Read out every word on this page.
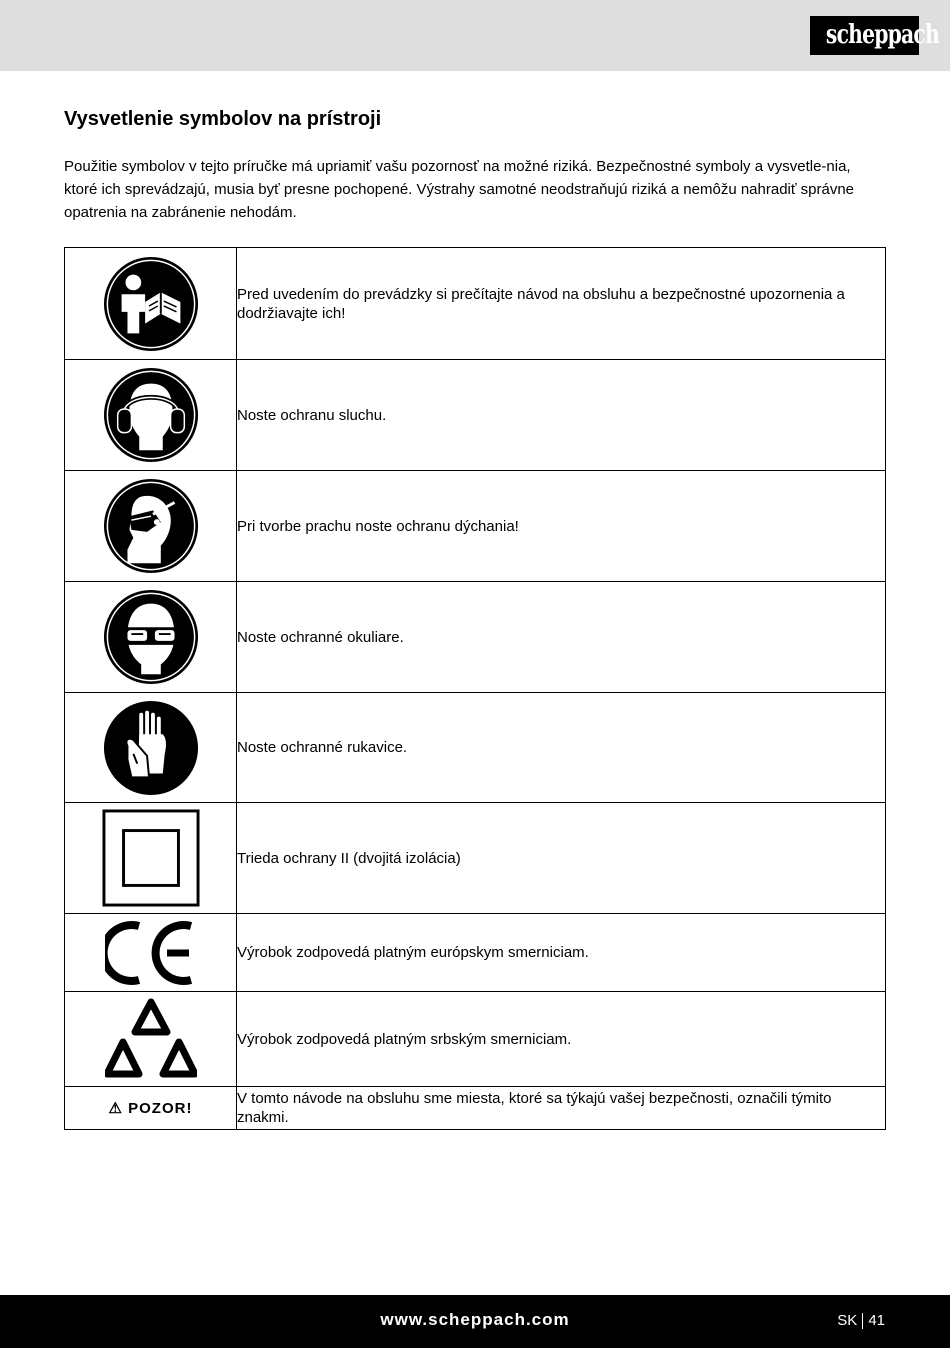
scheppach
Vysvetlenie symbolov na prístroji

Použitie symbolov v tejto príručke má upriamiť vašu pozornosť na možné riziká. Bezpečnostné symboly a vysvetle-nia, ktoré ich sprevádzajú, musia byť presne pochopené. Výstrahy samotné neodstraňujú riziká a nemôžu nahradiť správne opatrenia na zabránenie nehodám.

	Pred uvedením do prevádzky si prečítajte návod na obsluhu a bezpečnostné upozornenia a dodržiavajte ich!

	Noste ochranu sluchu.

	Pri tvorbe prachu noste ochranu dýchania!

	Noste ochranné okuliare.

	Noste ochranné rukavice.

	Trieda ochrany II (dvojitá izolácia)

	Výrobok zodpovedá platným európskym smerniciam.

	Výrobok zodpovedá platným srbským smerniciam.
⚠ POZOR!	V tomto návode na obsluhu sme miesta, ktoré sa týkajú vašej bezpečnosti, označili týmito znakmi.
www.scheppach.com	SK 41
